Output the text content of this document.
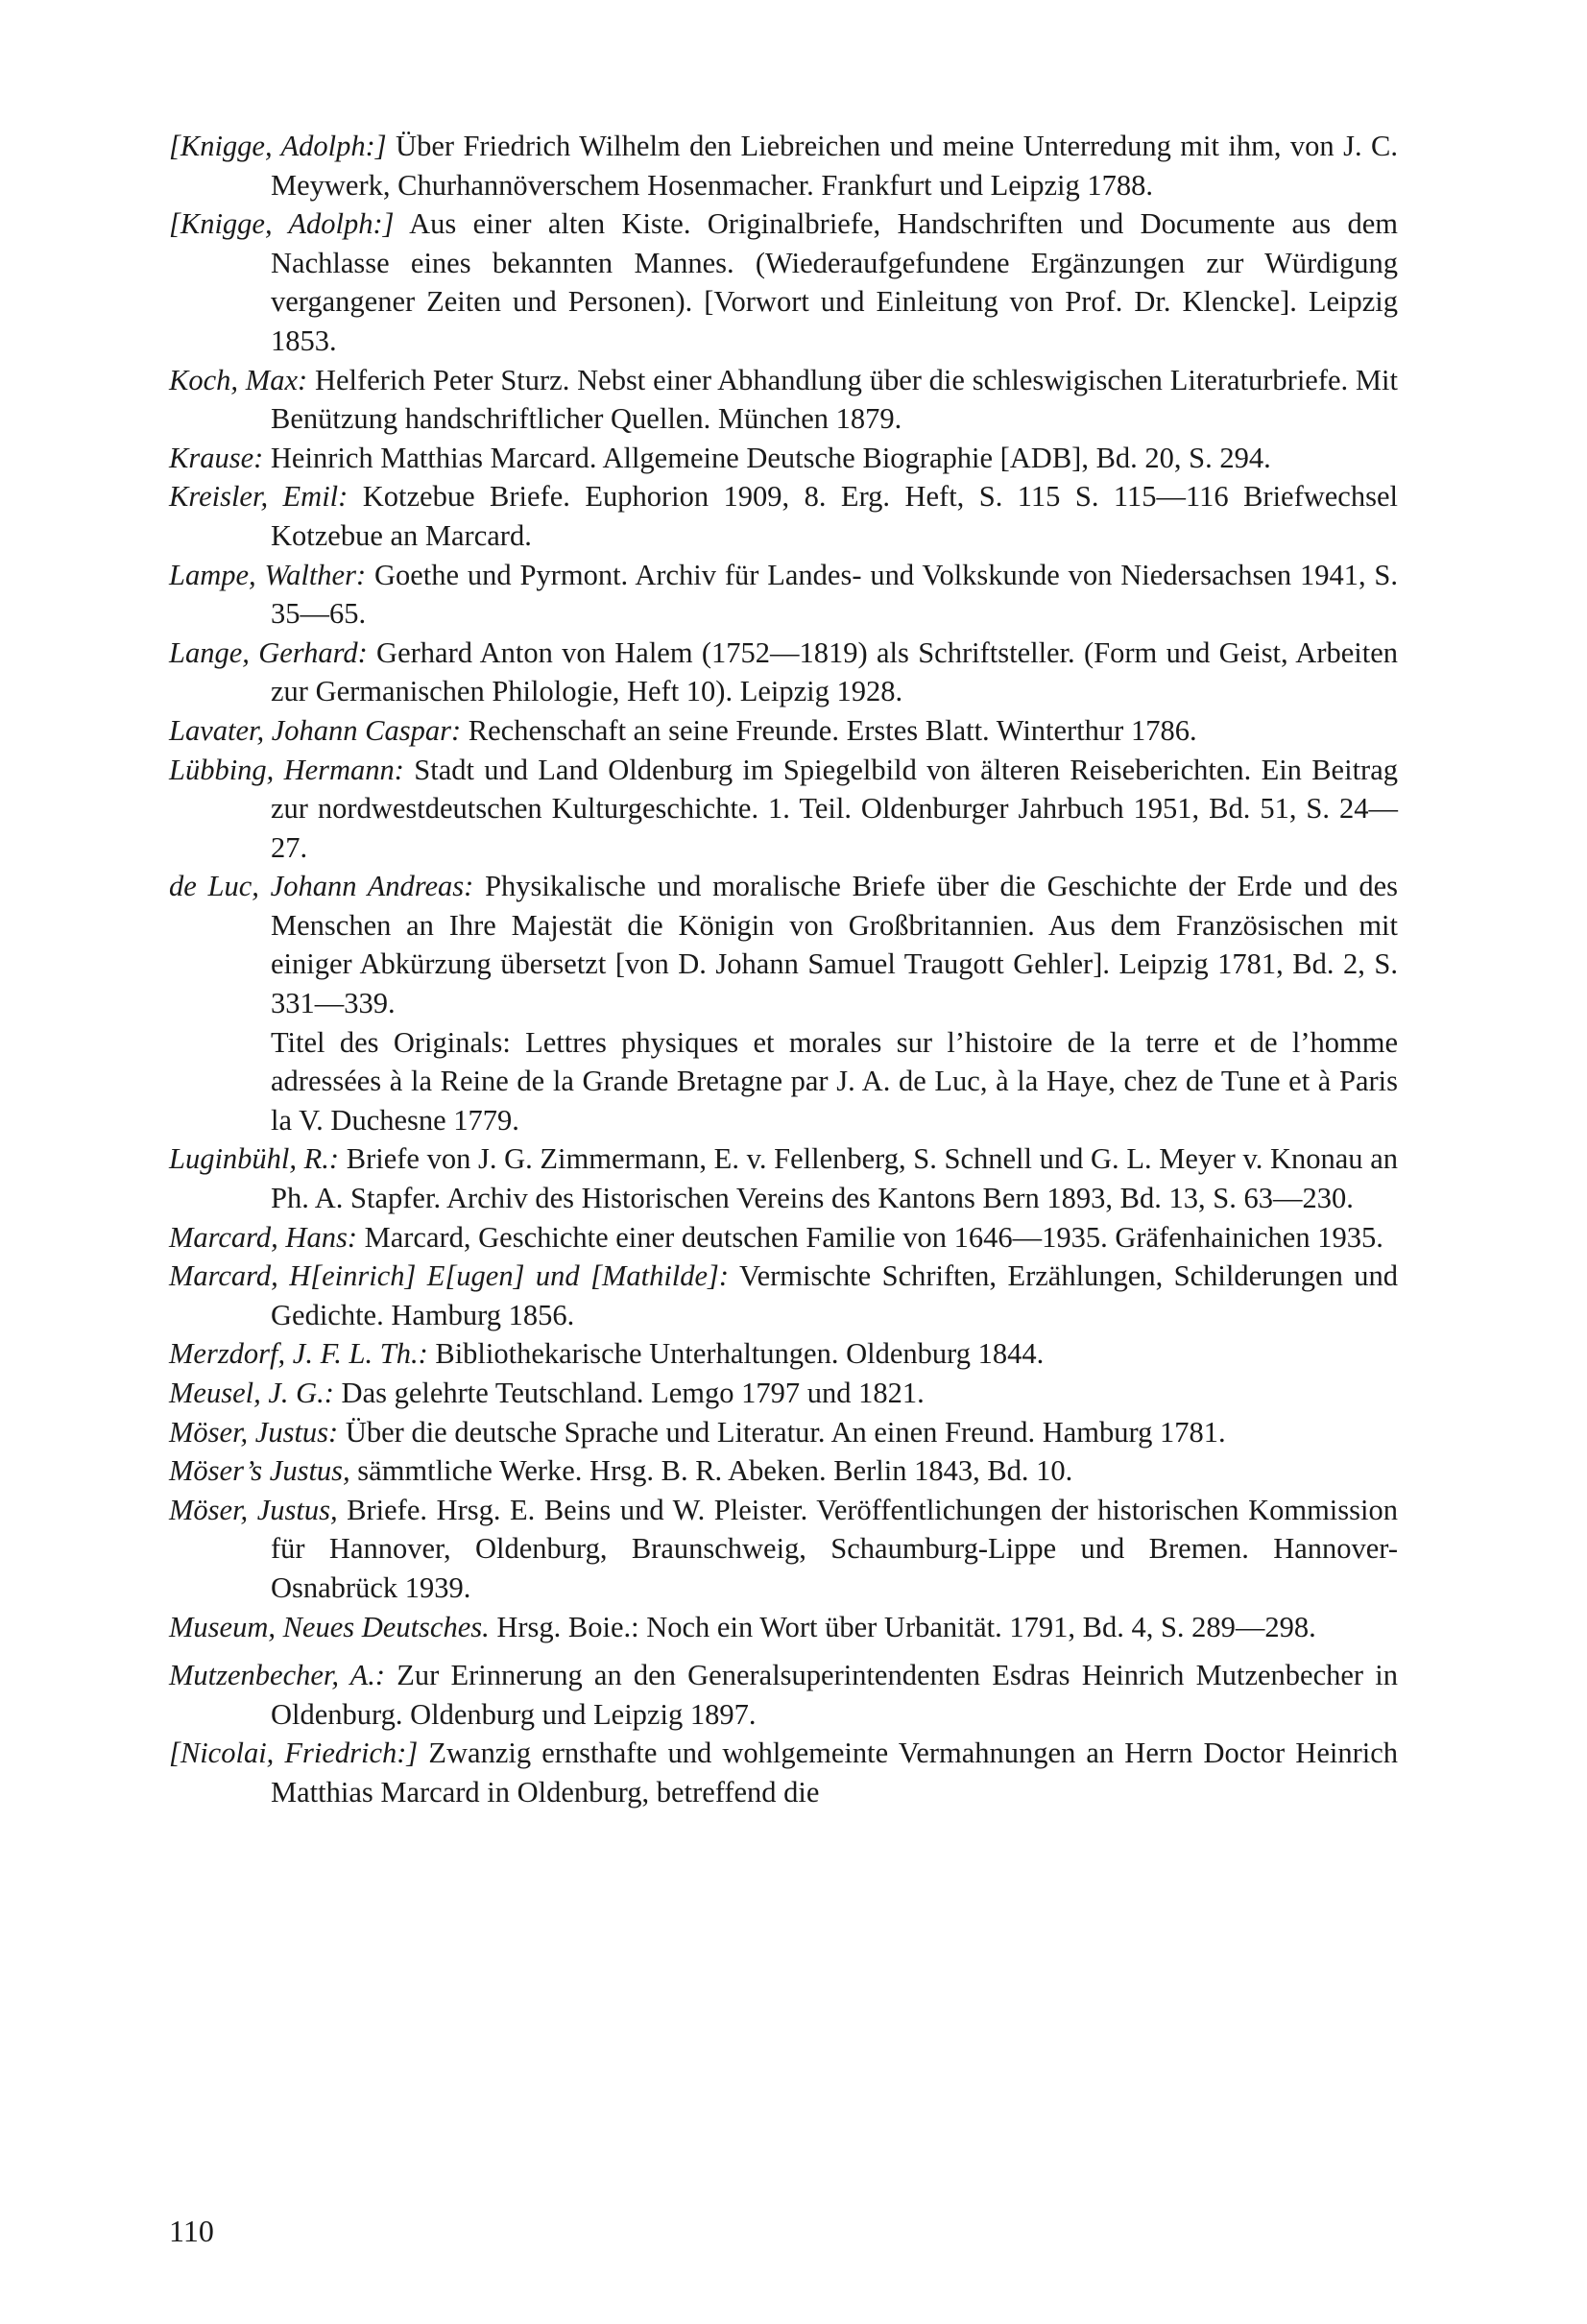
[Knigge, Adolph:] Über Friedrich Wilhelm den Liebreichen und meine Unterredung mit ihm, von J. C. Meywerk, Churhannöverschem Hosenmacher. Frankfurt und Leipzig 1788.

[Knigge, Adolph:] Aus einer alten Kiste. Originalbriefe, Handschriften und Documente aus dem Nachlasse eines bekannten Mannes. (Wiederaufgefundene Ergänzungen zur Würdigung vergangener Zeiten und Personen). [Vorwort und Einleitung von Prof. Dr. Klencke]. Leipzig 1853.

Koch, Max: Helferich Peter Sturz. Nebst einer Abhandlung über die schleswigischen Literaturbriefe. Mit Benützung handschriftlicher Quellen. München 1879.

Krause: Heinrich Matthias Marcard. Allgemeine Deutsche Biographie [ADB], Bd. 20, S. 294.

Kreisler, Emil: Kotzebue Briefe. Euphorion 1909, 8. Erg. Heft, S. 115 S. 115—116 Briefwechsel Kotzebue an Marcard.

Lampe, Walther: Goethe und Pyrmont. Archiv für Landes- und Volkskunde von Niedersachsen 1941, S. 35—65.

Lange, Gerhard: Gerhard Anton von Halem (1752—1819) als Schriftsteller. (Form und Geist, Arbeiten zur Germanischen Philologie, Heft 10). Leipzig 1928.

Lavater, Johann Caspar: Rechenschaft an seine Freunde. Erstes Blatt. Winterthur 1786.

Lübbing, Hermann: Stadt und Land Oldenburg im Spiegelbild von älteren Reiseberichten. Ein Beitrag zur nordwestdeutschen Kulturgeschichte. 1. Teil. Oldenburger Jahrbuch 1951, Bd. 51, S. 24—27.

de Luc, Johann Andreas: Physikalische und moralische Briefe über die Geschichte der Erde und des Menschen an Ihre Majestät die Königin von Großbritannien. Aus dem Französischen mit einiger Abkürzung übersetzt [von D. Johann Samuel Traugott Gehler]. Leipzig 1781, Bd. 2, S. 331—339.

Titel des Originals: Lettres physiques et morales sur l’histoire de la terre et de l’homme adressées à la Reine de la Grande Bretagne par J. A. de Luc, à la Haye, chez de Tune et à Paris la V. Duchesne 1779.

Luginbühl, R.: Briefe von J. G. Zimmermann, E. v. Fellenberg, S. Schnell und G. L. Meyer v. Knonau an Ph. A. Stapfer. Archiv des Historischen Vereins des Kantons Bern 1893, Bd. 13, S. 63—230.

Marcard, Hans: Marcard, Geschichte einer deutschen Familie von 1646—1935. Gräfenhainichen 1935.

Marcard, H[einrich] E[ugen] und [Mathilde]: Vermischte Schriften, Erzählungen, Schilderungen und Gedichte. Hamburg 1856.

Merzdorf, J. F. L. Th.: Bibliothekarische Unterhaltungen. Oldenburg 1844.

Meusel, J. G.: Das gelehrte Teutschland. Lemgo 1797 und 1821.

Möser, Justus: Über die deutsche Sprache und Literatur. An einen Freund. Hamburg 1781.

Möser’s Justus, sämmtliche Werke. Hrsg. B. R. Abeken. Berlin 1843, Bd. 10.

Möser, Justus, Briefe. Hrsg. E. Beins und W. Pleister. Veröffentlichungen der historischen Kommission für Hannover, Oldenburg, Braunschweig, Schaumburg-Lippe und Bremen. Hannover-Osnabrück 1939.

Museum, Neues Deutsches. Hrsg. Boie.: Noch ein Wort über Urbanität. 1791, Bd. 4, S. 289—298.

Mutzenbecher, A.: Zur Erinnerung an den Generalsuperintendenten Esdras Heinrich Mutzenbecher in Oldenburg. Oldenburg und Leipzig 1897.

[Nicolai, Friedrich:] Zwanzig ernsthafte und wohlgemeinte Vermahnungen an Herrn Doctor Heinrich Matthias Marcard in Oldenburg, betreffend die

110
